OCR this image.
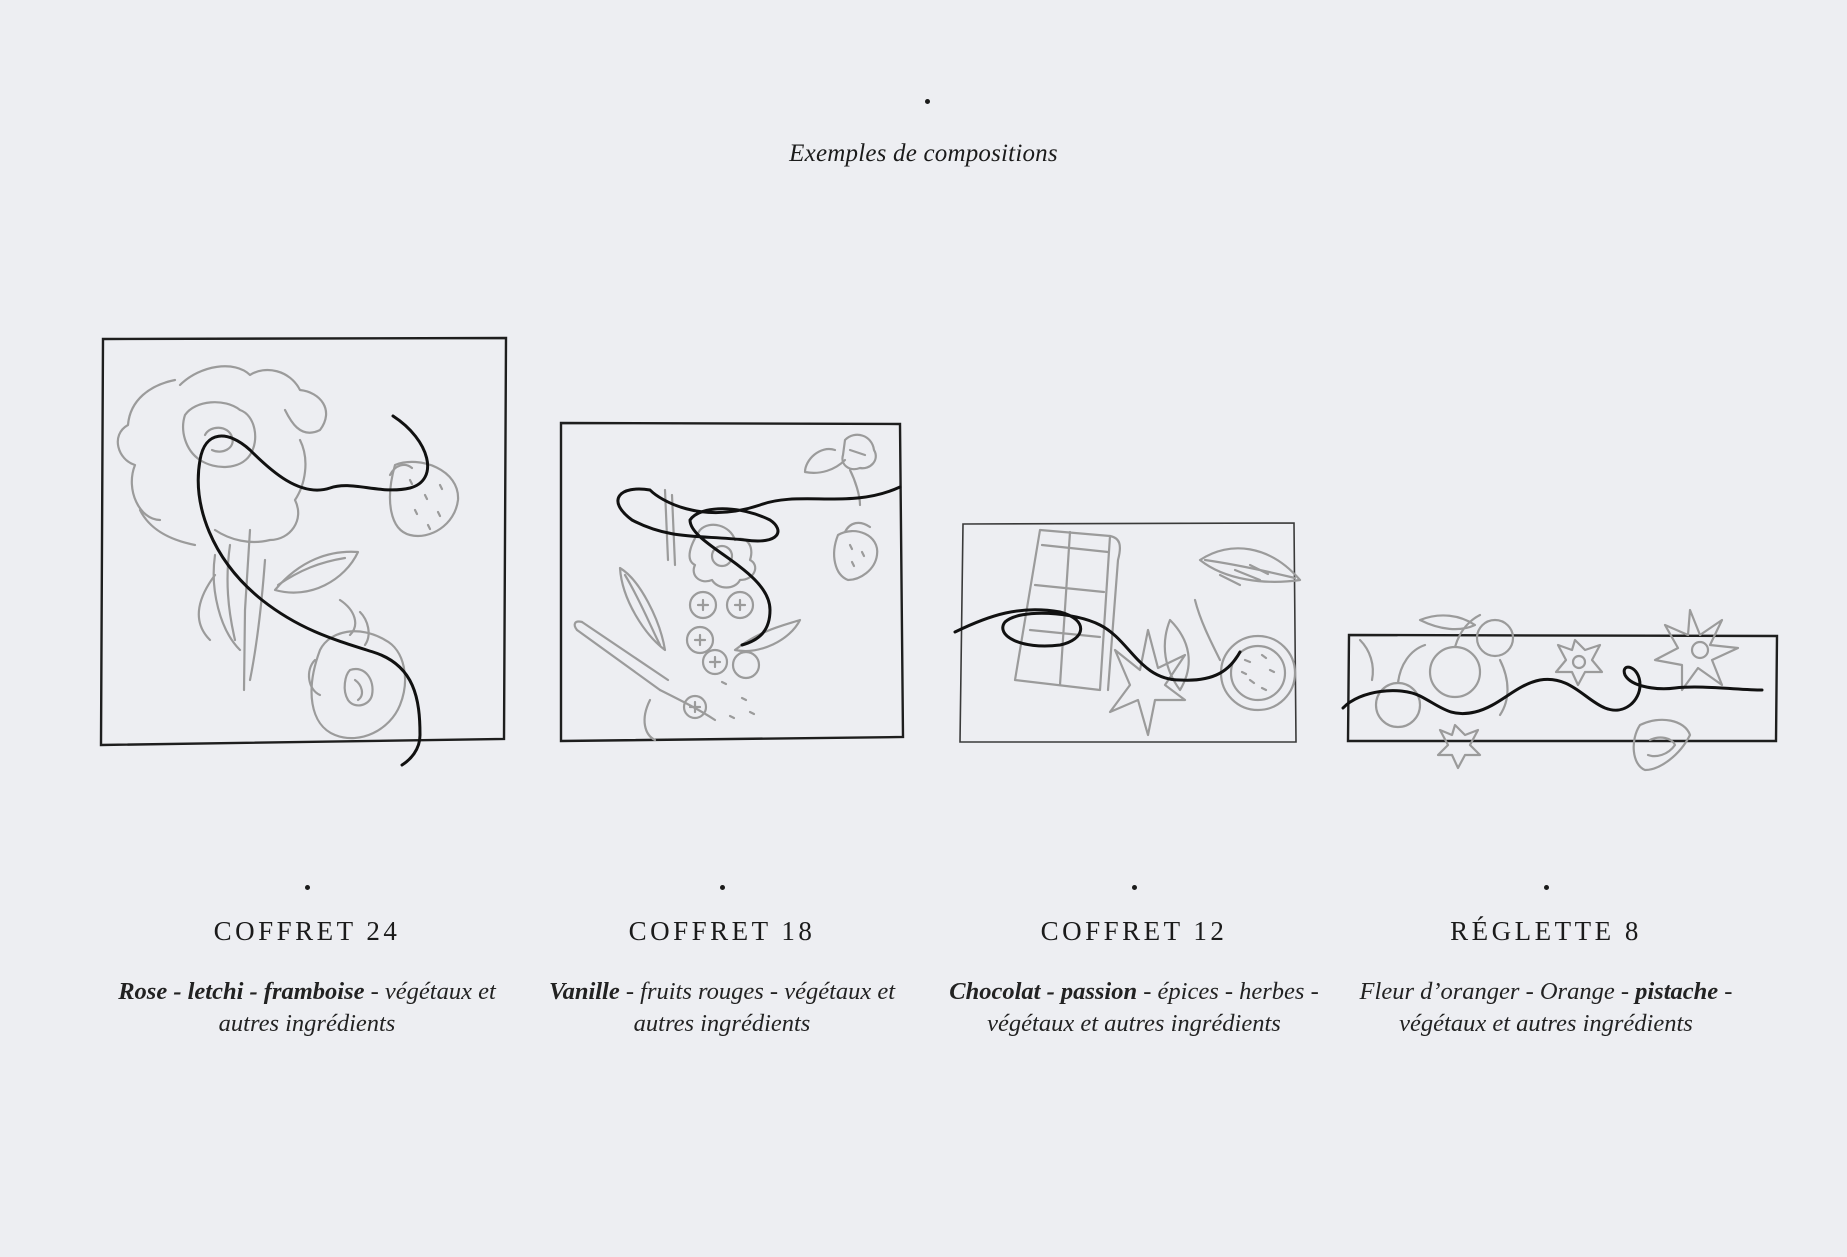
Exemples de compositions
COFFRET 24
Rose - letchi - framboise - végétaux et autres ingrédients
COFFRET 18
Vanille - fruits rouges - végétaux et autres ingrédients
COFFRET 12
Chocolat - passion - épices - herbes - végétaux et autres ingrédients
RÉGLETTE 8
Fleur d’oranger - Orange - pistache - végétaux et autres ingrédients
